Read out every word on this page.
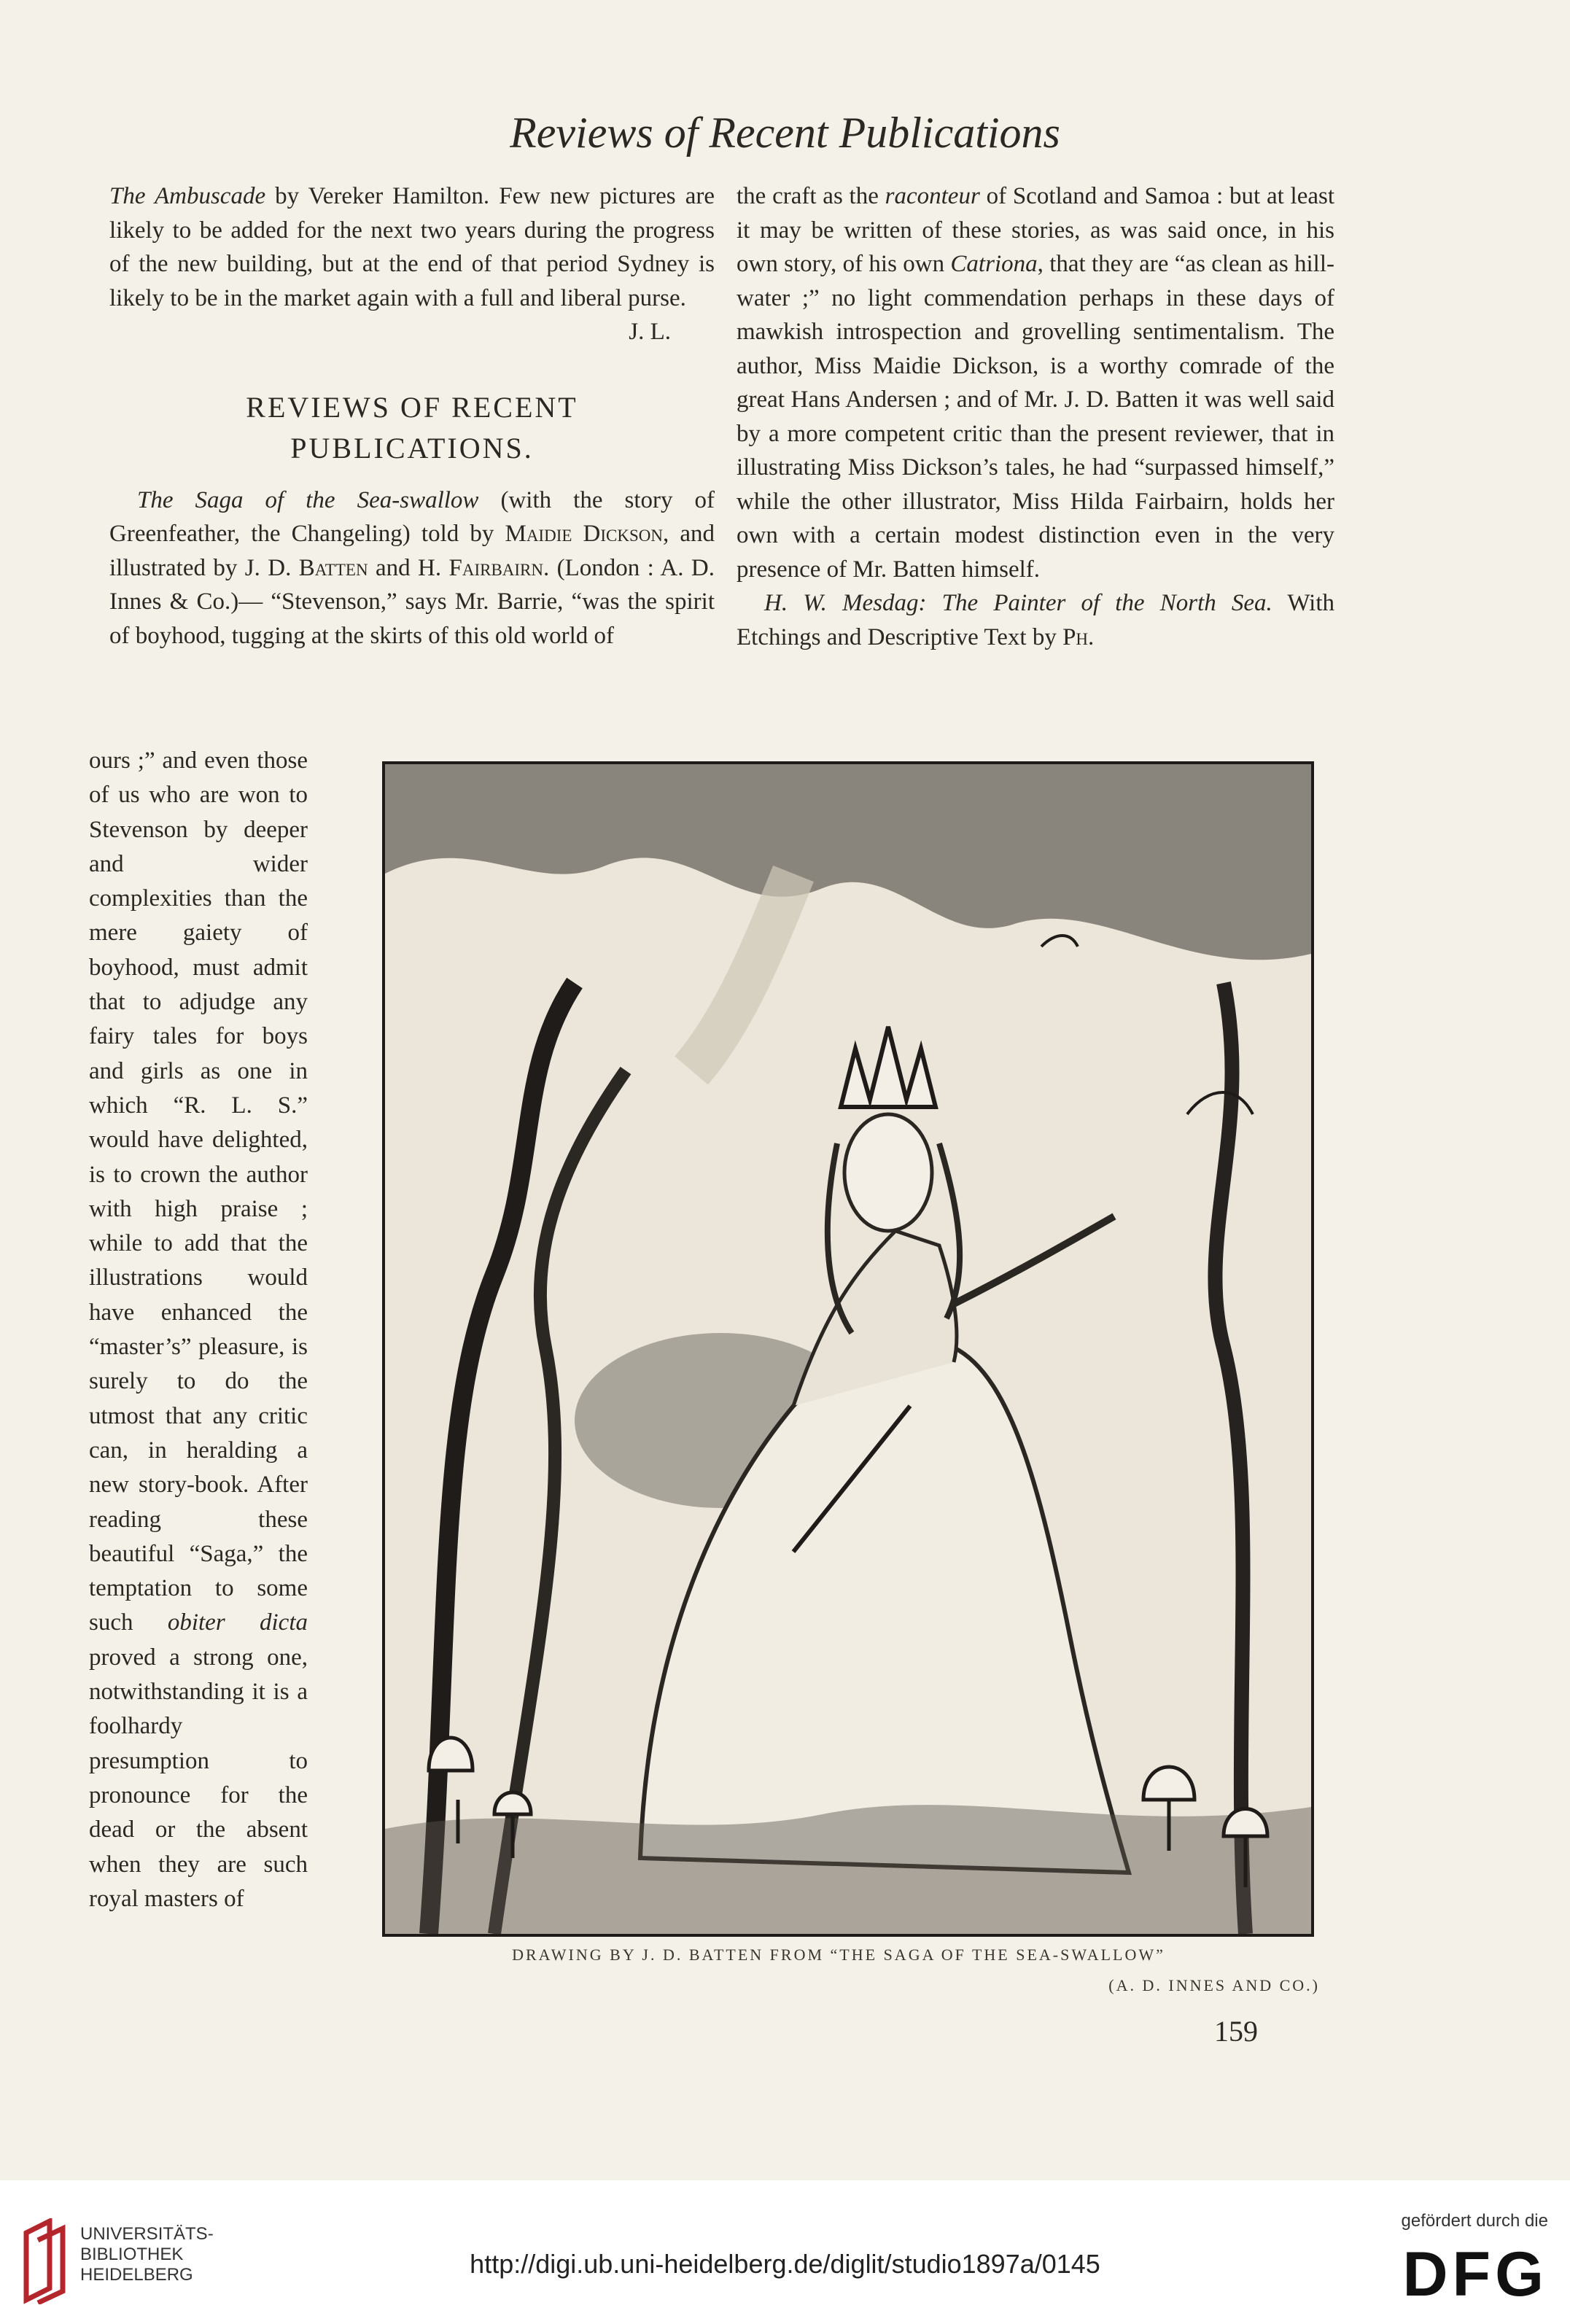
Reviews of Recent Publications

The Ambuscade by Vereker Hamilton. Few new pictures are likely to be added for the next two years during the progress of the new building, but at the end of that period Sydney is likely to be in the market again with a full and liberal purse.

J. L.

REVIEWS OF RECENT
PUBLICATIONS.

The Saga of the Sea-swallow (with the story of Greenfeather, the Changeling) told by Maidie Dickson, and illustrated by J. D. Batten and H. Fairbairn. (London : A. D. Innes & Co.)— “Stevenson,” says Mr. Barrie, “was the spirit of boyhood, tugging at the skirts of this old world of

ours ;” and even those of us who are won to Stevenson by deeper and wider complexities than the mere gaiety of boyhood, must admit that to adjudge any fairy tales for boys and girls as one in which “R. L. S.” would have delighted, is to crown the author with high praise ; while to add that the illustrations would have enhanced the “master’s” pleasure, is surely to do the utmost that any critic can, in heralding a new story-book. After reading these beautiful “Saga,” the temptation to some such obiter dicta proved a strong one, notwithstanding it is a foolhardy presumption to pronounce for the dead or the absent when they are such royal masters of

the craft as the raconteur of Scotland and Samoa : but at least it may be written of these stories, as was said once, in his own story, of his own Catriona, that they are “as clean as hill-water ;” no light commendation perhaps in these days of mawkish introspection and grovelling sentimentalism. The author, Miss Maidie Dickson, is a worthy comrade of the great Hans Andersen ; and of Mr. J. D. Batten it was well said by a more competent critic than the present reviewer, that in illustrating Miss Dickson’s tales, he had “surpassed himself,” while the other illustrator, Miss Hilda Fairbairn, holds her own with a certain modest distinction even in the very presence of Mr. Batten himself.

H. W. Mesdag: The Painter of the North Sea. With Etchings and Descriptive Text by Ph.

DRAWING BY J. D. BATTEN FROM “THE SAGA OF THE SEA-SWALLOW”
(A. D. INNES AND CO.)
159
UNIVERSITÄTS-
BIBLIOTHEK
HEIDELBERG	http://digi.ub.uni-heidelberg.de/diglit/studio1897a/0145
gefördert durch die
DFG
